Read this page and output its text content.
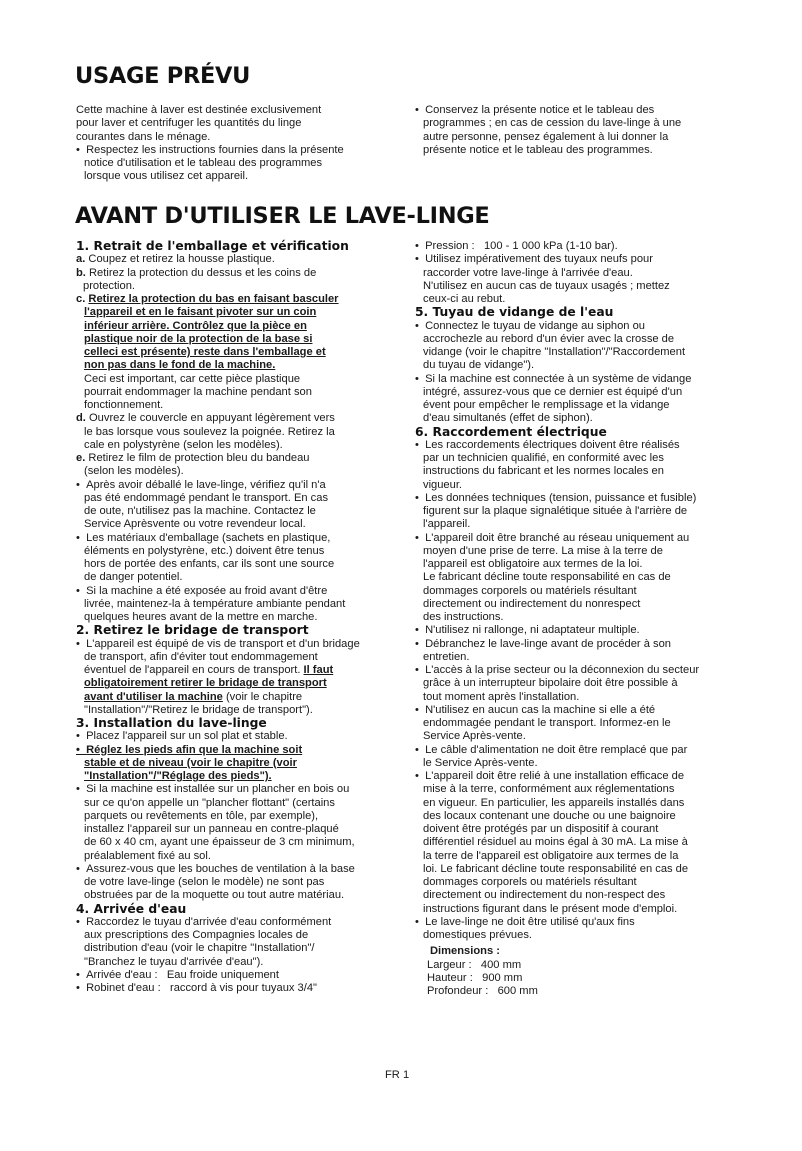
USAGE PRÉVU

Cette machine à laver est destinée exclusivement

pour laver et centrifuger les quantités du linge

courantes dans le ménage.

•  Respectez les instructions fournies dans la présente

notice d'utilisation et le tableau des programmes

lorsque vous utilisez cet appareil.

•  Conservez la présente notice et le tableau des

programmes ; en cas de cession du lave-linge à une

autre personne, pensez également à lui donner la

présente notice et le tableau des programmes.

AVANT D'UTILISER LE LAVE-LINGE

1. Retrait de l'emballage et vérification

a. Coupez et retirez la housse plastique.

b. Retirez la protection du dessus et les coins de

protection.

c. Retirez la protection du bas en faisant basculer

l'appareil et en le faisant pivoter sur un coin

inférieur arrière. Contrôlez que la pièce en

plastique noir de la protection de la base si

celleci est présente) reste dans l'emballage et

non pas dans le fond de la machine.

Ceci est important, car cette pièce plastique

pourrait endommager la machine pendant son

fonctionnement.

d. Ouvrez le couvercle en appuyant légèrement vers

le bas lorsque vous soulevez la poignée. Retirez la

cale en polystyrène (selon les modèles).

e. Retirez le film de protection bleu du bandeau

(selon les modèles).

•  Après avoir déballé le lave-linge, vérifiez qu'il n'a

pas été endommagé pendant le transport. En cas

de oute, n'utilisez pas la machine. Contactez le

Service Aprèsvente ou votre revendeur local.

•  Les matériaux d'emballage (sachets en plastique,

éléments en polystyrène, etc.) doivent être tenus

hors de portée des enfants, car ils sont une source

de danger potentiel.

•  Si la machine a été exposée au froid avant d'être

livrée, maintenez-la à température ambiante pendant

quelques heures avant de la mettre en marche.

2. Retirez le bridage de transport

•  L'appareil est équipé de vis de transport et d'un bridage

de transport, afin d'éviter tout endommagement

éventuel de l'appareil en cours de transport. Il faut

obligatoirement retirer le bridage de transport

avant d'utiliser la machine (voir le chapitre

"Installation"/"Retirez le bridage de transport").

3. Installation du lave-linge

•  Placez l'appareil sur un sol plat et stable.

•  Réglez les pieds afin que la machine soit

stable et de niveau (voir le chapitre (voir

"Installation"/"Réglage des pieds").

•  Si la machine est installée sur un plancher en bois ou

sur ce qu'on appelle un "plancher flottant" (certains

parquets ou revêtements en tôle, par exemple),

installez l'appareil sur un panneau en contre-plaqué

de 60 x 40 cm, ayant une épaisseur de 3 cm minimum,

préalablement fixé au sol.

•  Assurez-vous que les bouches de ventilation à la base

de votre lave-linge (selon le modèle) ne sont pas

obstruées par de la moquette ou tout autre matériau.

4. Arrivée d'eau

•  Raccordez le tuyau d'arrivée d'eau conformément

aux prescriptions des Compagnies locales de

distribution d'eau (voir le chapitre "Installation"/

"Branchez le tuyau d'arrivée d'eau").

•  Arrivée d'eau : Eau froide uniquement

•  Robinet d'eau : raccord à vis pour tuyaux 3/4"

•  Pression : 100 - 1 000 kPa (1-10 bar).

•  Utilisez impérativement des tuyaux neufs pour

raccorder votre lave-linge à l'arrivée d'eau.

N'utilisez en aucun cas de tuyaux usagés ; mettez

ceux-ci au rebut.

5. Tuyau de vidange de l'eau

•  Connectez le tuyau de vidange au siphon ou

accrochezle au rebord d'un évier avec la crosse de

vidange (voir le chapitre "Installation"/"Raccordement

du tuyau de vidange").

•  Si la machine est connectée à un système de vidange

intégré, assurez-vous que ce dernier est équipé d'un

évent pour empêcher le remplissage et la vidange

d'eau simultanés (effet de siphon).

6. Raccordement électrique

•  Les raccordements électriques doivent être réalisés

par un technicien qualifié, en conformité avec les

instructions du fabricant et les normes locales en

vigueur.

•  Les données techniques (tension, puissance et fusible)

figurent sur la plaque signalétique située à l'arrière de

l'appareil.

•  L'appareil doit être branché au réseau uniquement au

moyen d'une prise de terre. La mise à la terre de

l'appareil est obligatoire aux termes de la loi.

Le fabricant décline toute responsabilité en cas de

dommages corporels ou matériels résultant

directement ou indirectement du nonrespect

des instructions.

•  N'utilisez ni rallonge, ni adaptateur multiple.

•  Débranchez le lave-linge avant de procéder à son

entretien.

•  L'accès à la prise secteur ou la déconnexion du secteur

grâce à un interrupteur bipolaire doit être possible à

tout moment après l'installation.

•  N'utilisez en aucun cas la machine si elle a été

endommagée pendant le transport. Informez-en le

Service Après-vente.

•  Le câble d'alimentation ne doit être remplacé que par

le Service Après-vente.

•  L'appareil doit être relié à une installation efficace de

mise à la terre, conformément aux réglementations

en vigueur. En particulier, les appareils installés dans

des locaux contenant une douche ou une baignoire

doivent être protégés par un dispositif à courant

différentiel résiduel au moins égal à 30 mA. La mise à

la terre de l'appareil est obligatoire aux termes de la

loi. Le fabricant décline toute responsabilité en cas de

dommages corporels ou matériels résultant

directement ou indirectement du non-respect des

instructions figurant dans le présent mode d'emploi.

•  Le lave-linge ne doit être utilisé qu'aux fins

domestiques prévues.

Dimensions :

Largeur : 400 mm

Hauteur : 900 mm

Profondeur : 600 mm

FR 1
